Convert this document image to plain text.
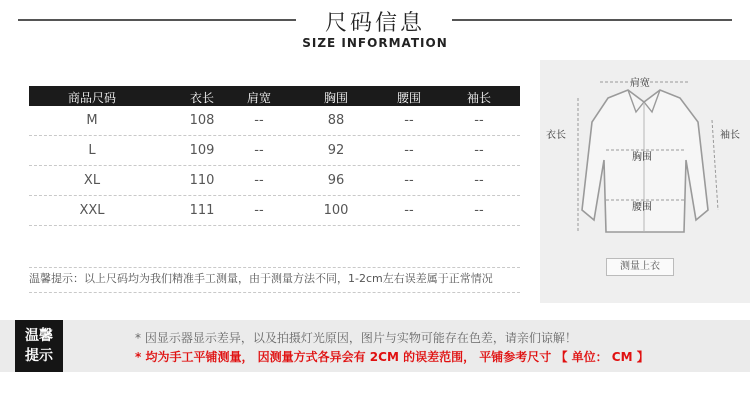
尺码信息
SIZE INFORMATION
商品尺码	衣长	肩宽	胸围	腰围	袖长
M	108	--	88	--	--
L	109	--	92	--	--
XL	110	--	96	--	--
XXL	111	--	100	--	--
温馨提示：以上尺码均为我们精准手工测量，由于测量方法不同，1-2cm左右误差属于正常情况
肩宽
衣长	袖长
胸围
腰围
测量上衣
温馨
提示
* 因显示器显示差异，以及拍摄灯光原因，图片与实物可能存在色差，请亲们谅解！
* 均为手工平铺测量， 因测量方式各异会有 2CM 的误差范围， 平铺参考尺寸 【 单位： CM 】
